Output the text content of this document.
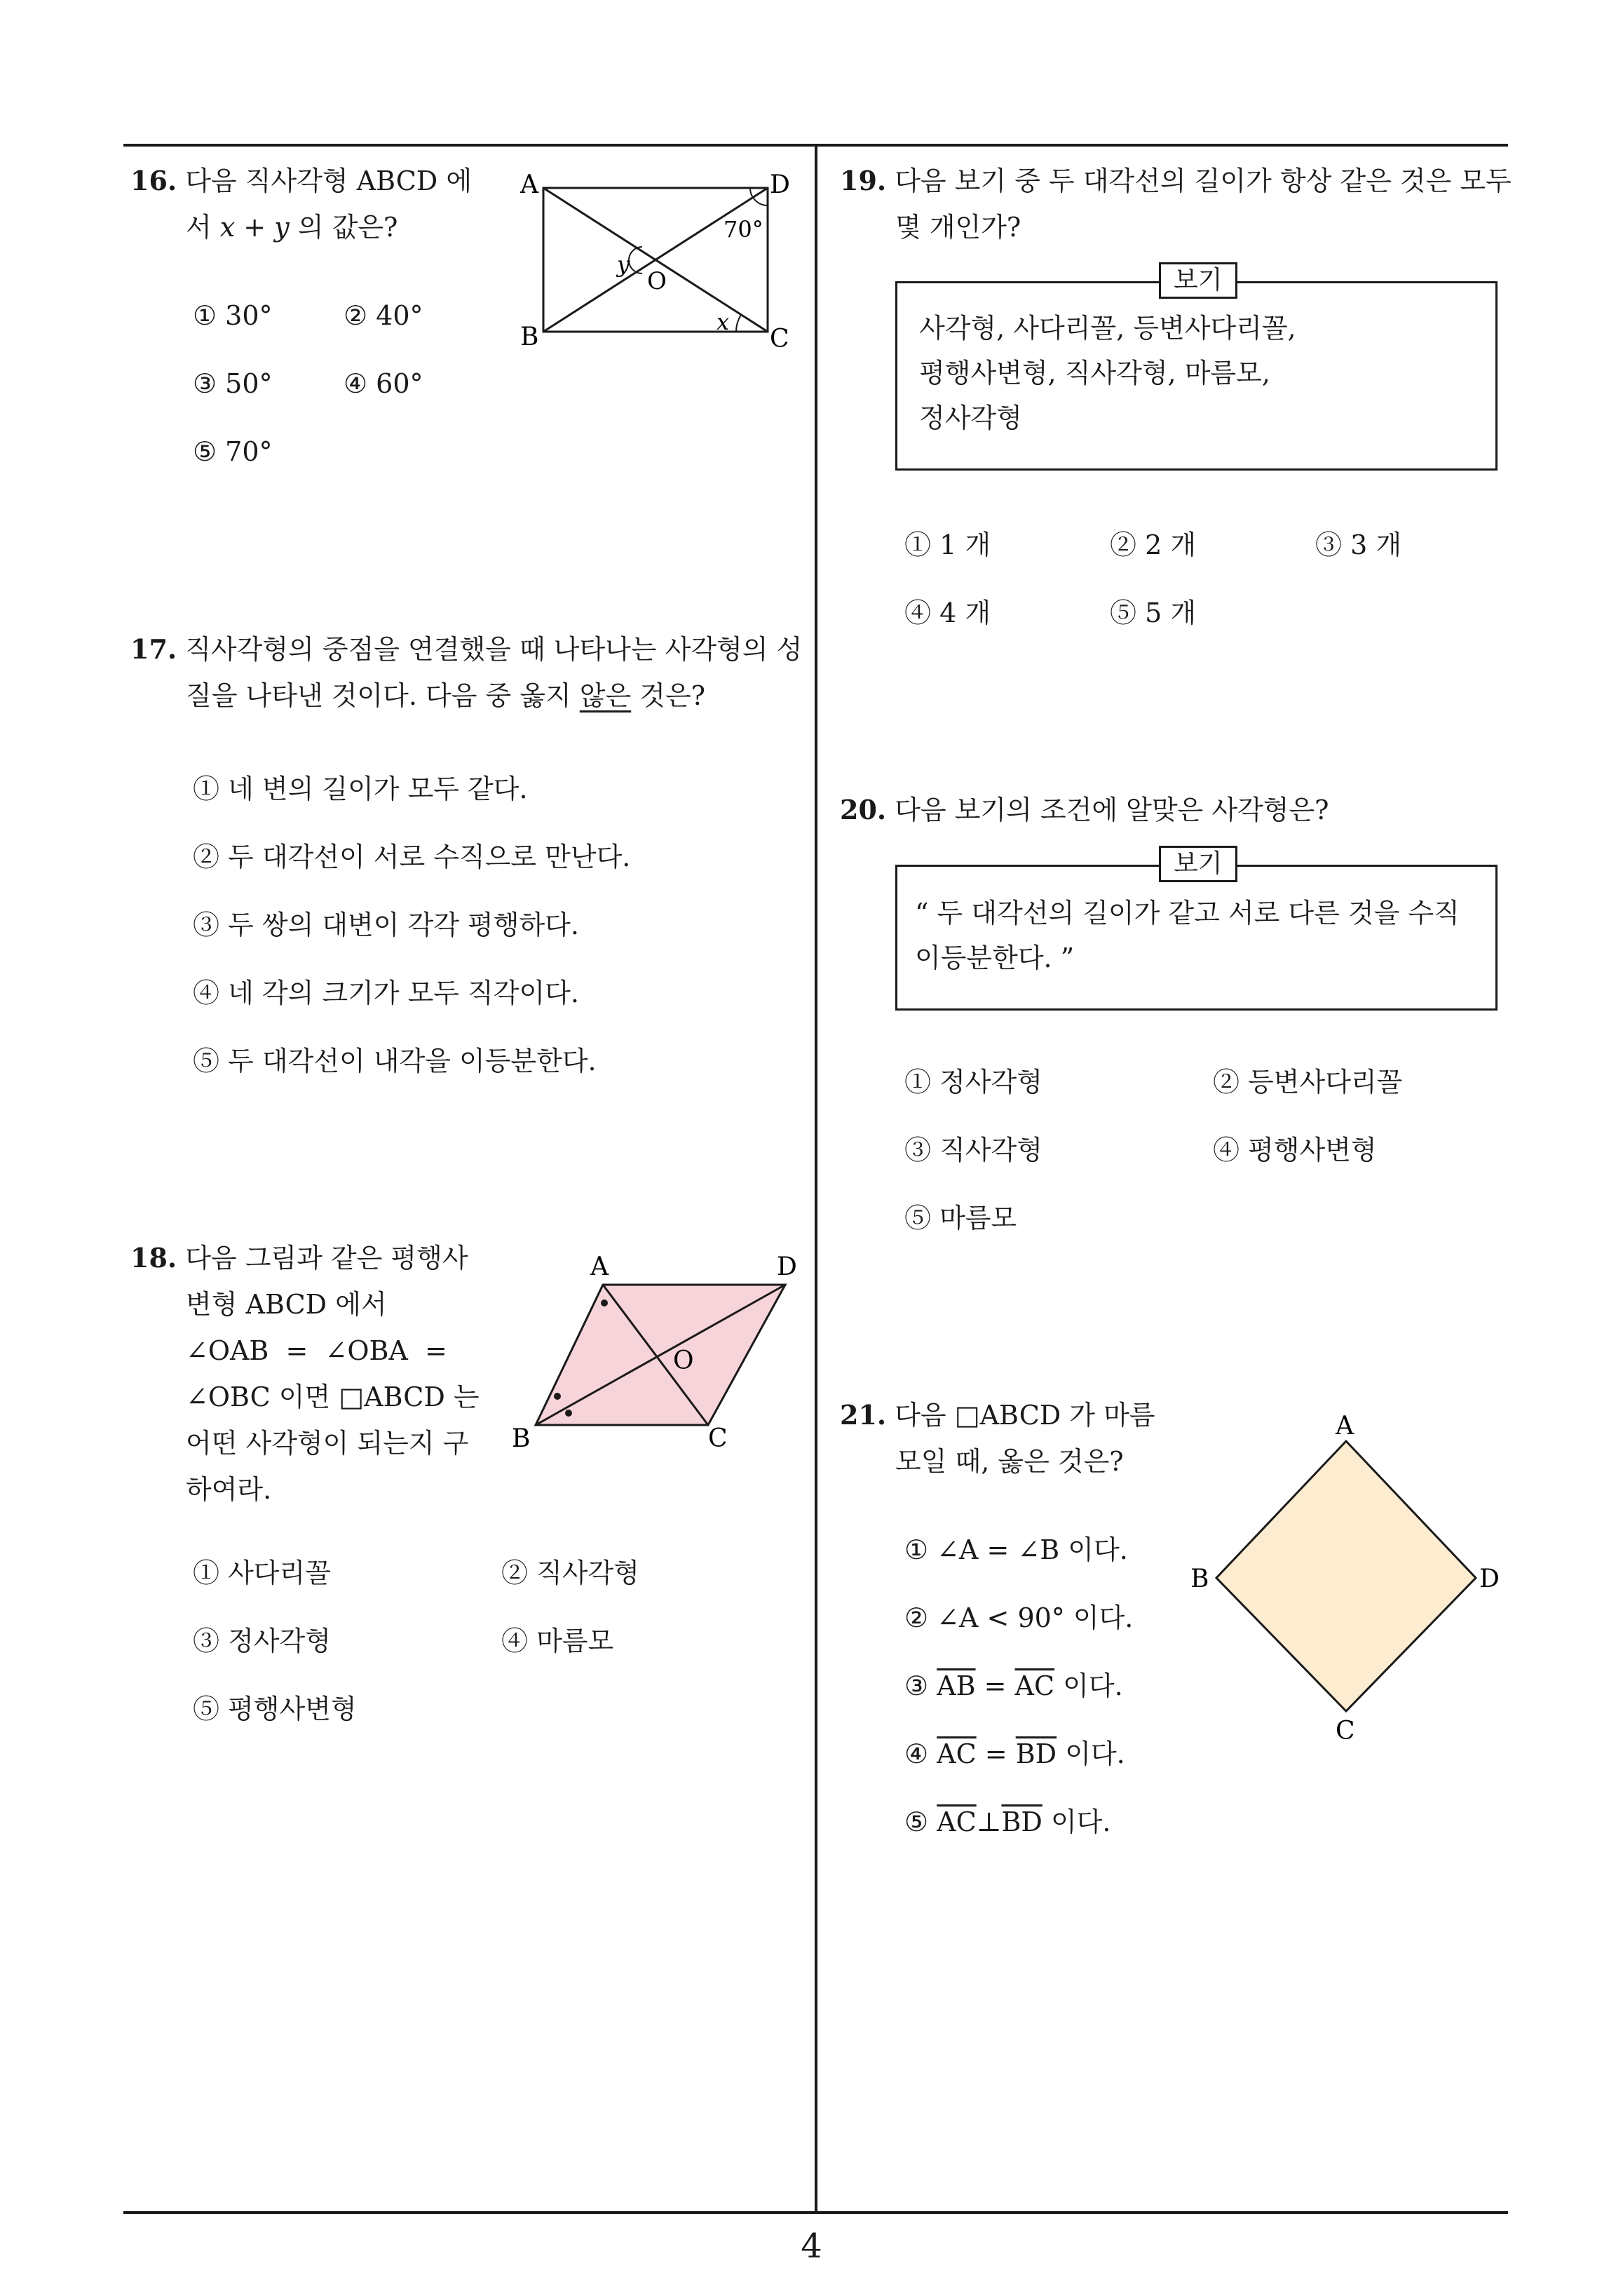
4
16. 다음 직사각형 ABCD 에
서 x + y 의 값은?
① 30°	② 40°
③ 50°	④ 60°
⑤ 70°
A	D
B	C
O
70°
x
y
17. 직사각형의 중점을 연결했을 때 나타나는 사각형의 성
질을 나타낸 것이다. 다음 중 옳지 않은 것은?
① 네 변의 길이가 모두 같다.
② 두 대각선이 서로 수직으로 만난다.
③ 두 쌍의 대변이 각각 평행하다.
④ 네 각의 크기가 모두 직각이다.
⑤ 두 대각선이 내각을 이등분한다.
18. 다음 그림과 같은 평행사
변형 ABCD 에서
∠OAB  =  ∠OBA  =
∠OBC 이면 □ABCD 는
어떤 사각형이 되는지 구
하여라.
① 사다리꼴	② 직사각형
③ 정사각형	④ 마름모
⑤ 평행사변형
A	D
B	C
O
19. 다음 보기 중 두 대각선의 길이가 항상 같은 것은 모두
몇 개인가?
보기
사각형, 사다리꼴, 등변사다리꼴,
평행사변형, 직사각형, 마름모,
정사각형
① 1 개	② 2 개	③ 3 개
④ 4 개	⑤ 5 개
20. 다음 보기의 조건에 알맞은 사각형은?
보기
“ 두 대각선의 길이가 같고 서로 다른 것을 수직
이등분한다. ”
① 정사각형	② 등변사다리꼴
③ 직사각형	④ 평행사변형
⑤ 마름모
21. 다음 □ABCD 가 마름
모일 때, 옳은 것은?
① ∠A = ∠B 이다.
② ∠A < 90° 이다.
③ $\overline{AB} = \overline{AC}$ 이다.
④ $\overline{AC} = \overline{BD}$ 이다.
⑤ $\overline{AC}\perp\overline{BD}$ 이다.
A
B	D
C
